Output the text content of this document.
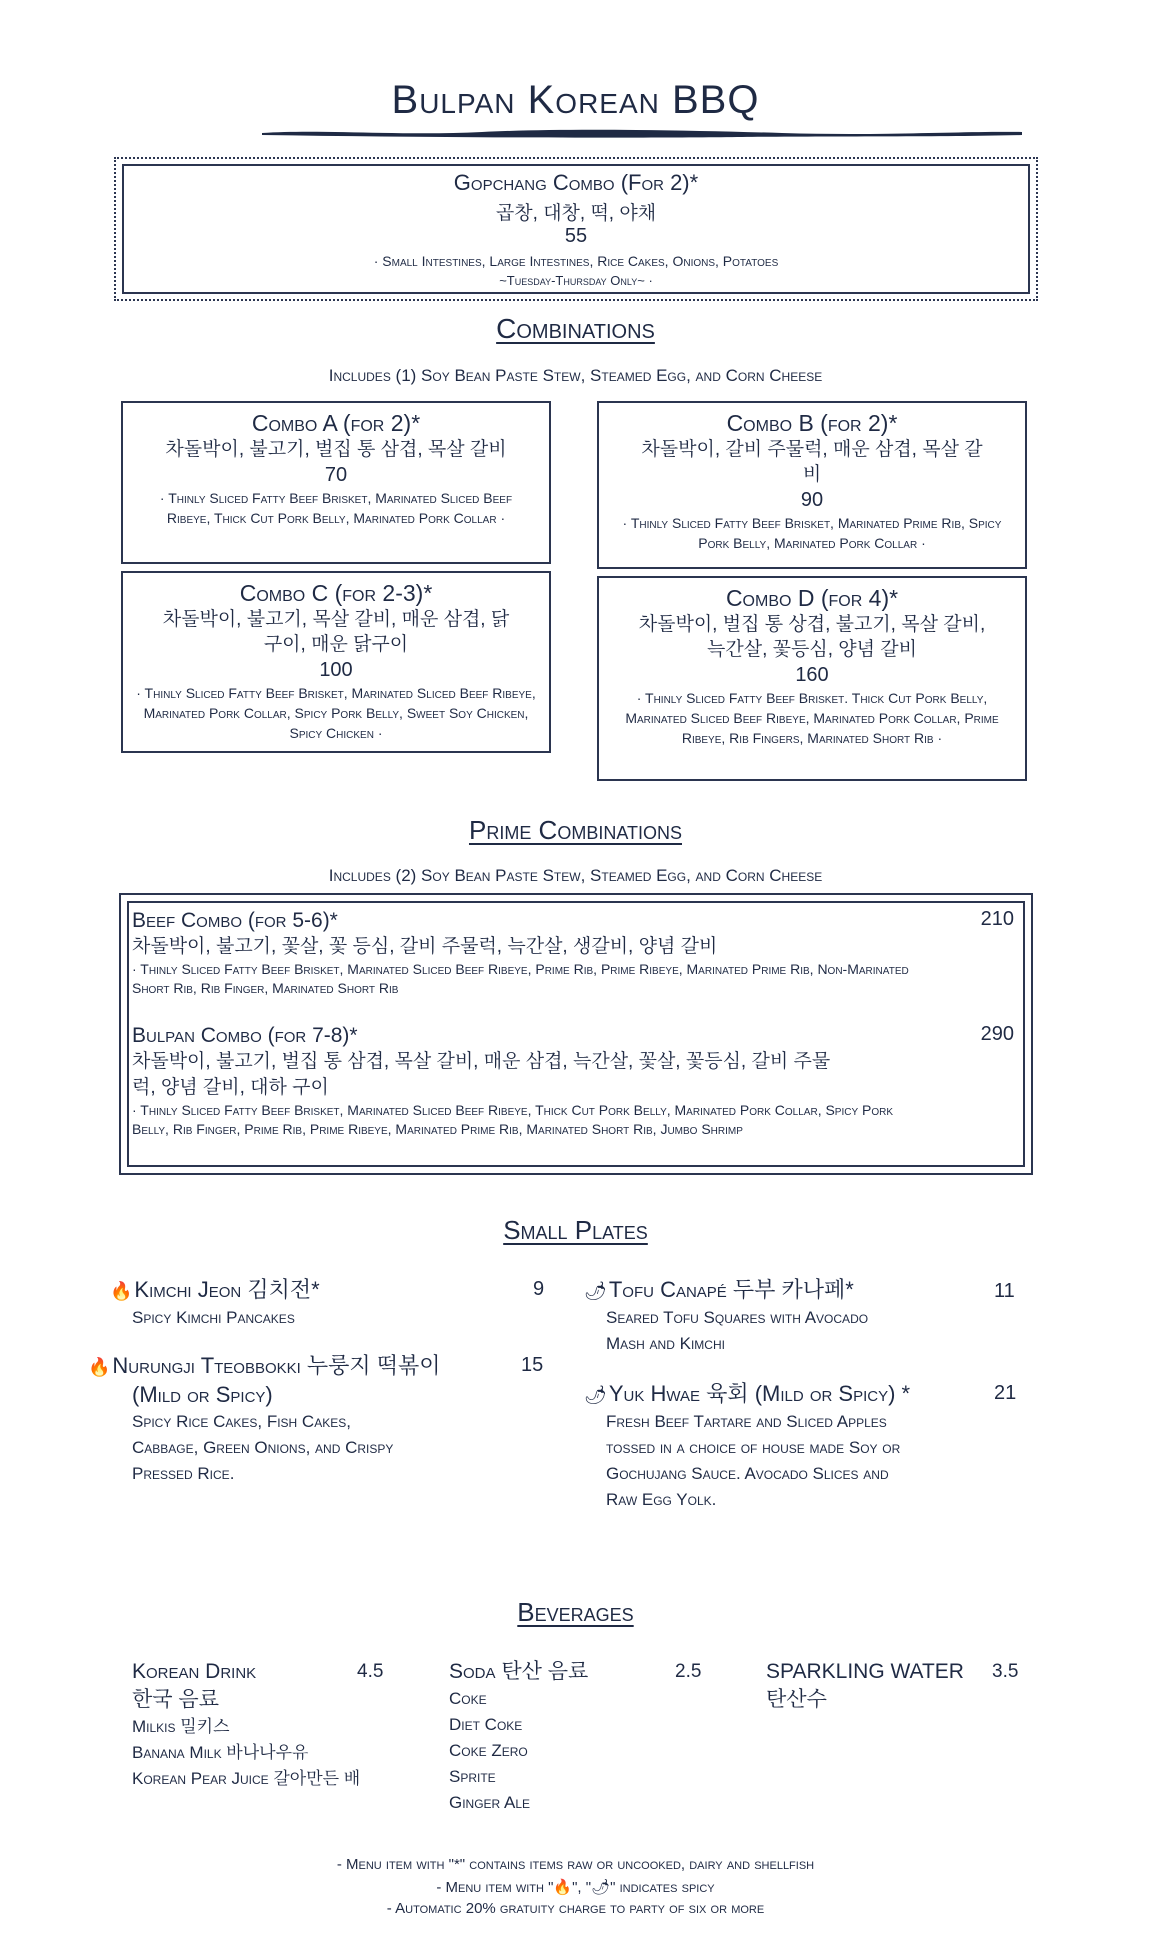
Bulpan Korean BBQ
Gopchang Combo (For 2)*
곱창, 대창, 떡, 야채
55
· Small Intestines, Large Intestines, Rice Cakes, Onions, Potatoes
~Tuesday-Thursday Only~ ·
Combinations
Includes (1) Soy Bean Paste Stew, Steamed Egg, and Corn Cheese
Combo A (for 2)*
차돌박이, 불고기, 벌집 통 삼겹, 목살 갈비
70
· Thinly Sliced Fatty Beef Brisket, Marinated Sliced Beef Ribeye, Thick Cut Pork Belly, Marinated Pork Collar ·
Combo B (for 2)*
차돌박이, 갈비 주물럭, 매운 삼겹, 목살 갈비
90
· Thinly Sliced Fatty Beef Brisket, Marinated Prime Rib, Spicy Pork Belly, Marinated Pork Collar ·
Combo C (for 2-3)*
차돌박이, 불고기, 목살 갈비, 매운 삼겹, 닭구이, 매운 닭구이
100
· Thinly Sliced Fatty Beef Brisket, Marinated Sliced Beef Ribeye, Marinated Pork Collar, Spicy Pork Belly, Sweet Soy Chicken, Spicy Chicken ·
Combo D (for 4)*
차돌박이, 벌집 통 상겹, 불고기, 목살 갈비, 늑간살, 꽃등심, 양념 갈비
160
· Thinly Sliced Fatty Beef Brisket. Thick Cut Pork Belly, Marinated Sliced Beef Ribeye, Marinated Pork Collar, Prime Ribeye, Rib Fingers, Marinated Short Rib ·
Prime Combinations
Includes (2) Soy Bean Paste Stew, Steamed Egg, and Corn Cheese
Beef Combo (for 5-6)*	210
차돌박이, 불고기, 꽃살, 꽃 등심, 갈비 주물럭, 늑간살, 생갈비, 양념 갈비
· Thinly Sliced Fatty Beef Brisket, Marinated Sliced Beef Ribeye, Prime Rib, Prime Ribeye, Marinated Prime Rib, Non-Marinated Short Rib, Rib Finger, Marinated Short Rib
Bulpan Combo (for 7-8)*	290
차돌박이, 불고기, 벌집 통 삼겹, 목살 갈비, 매운 삼겹, 늑간살, 꽃살, 꽃등심, 갈비 주물럭, 양념 갈비, 대하 구이
· Thinly Sliced Fatty Beef Brisket, Marinated Sliced Beef Ribeye, Thick Cut Pork Belly, Marinated Pork Collar, Spicy Pork Belly, Rib Finger, Prime Rib, Prime Ribeye, Marinated Prime Rib, Marinated Short Rib, Jumbo Shrimp
Small Plates
🔥Kimchi Jeon 김치전*
Spicy Kimchi Pancakes
9
🔥Nurungji Tteobbokki 누룽지 떡볶이 (Mild or Spicy)
Spicy Rice Cakes, Fish Cakes, Cabbage, Green Onions, and Crispy Pressed Rice.
15
🌶Tofu Canapé 두부 카나페*
Seared Tofu Squares with Avocado Mash and Kimchi
11
🌶Yuk Hwae 육회 (Mild or Spicy) *
Fresh Beef Tartare and Sliced Apples tossed in a choice of house made Soy or Gochujang Sauce. Avocado Slices and Raw Egg Yolk.
21
Beverages
Korean Drink
한국 음료
Milkis 밀키스
Banana Milk 바나나우유
Korean Pear Juice 갈아만든 배
4.5	Soda 탄산 음료
Coke
Diet Coke
Coke Zero
Sprite
Ginger Ale
2.5	SPARKLING WATER
탄산수
3.5
- Menu item with "*" contains items raw or uncooked, dairy and shellfish
- Menu item with "🔥", "🌶" indicates spicy
- Automatic 20% gratuity charge to party of six or more
